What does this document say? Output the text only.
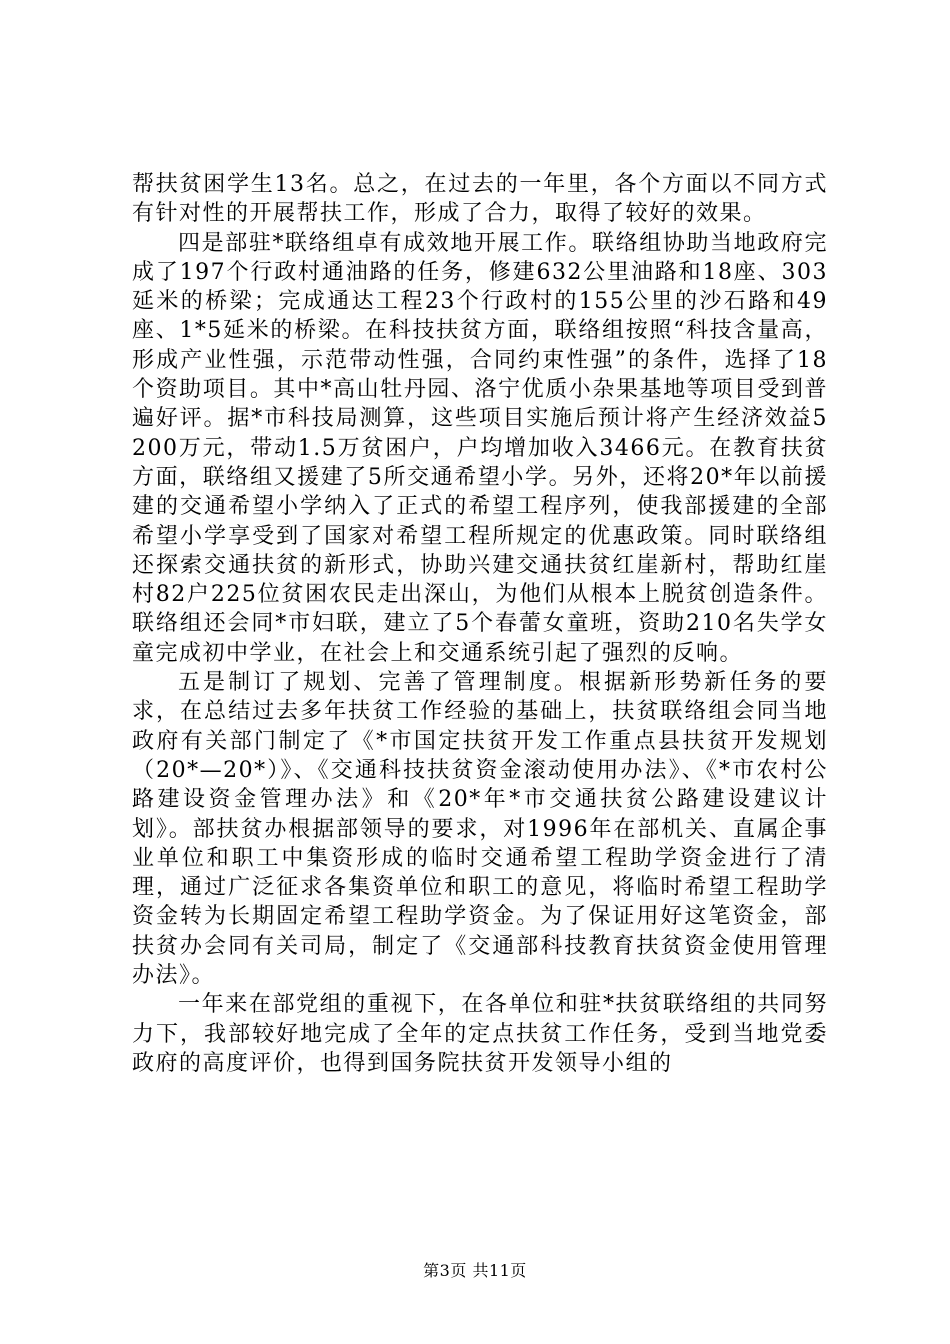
帮扶贫困学生13名。总之，在过去的一年里，各个方面以不同方式有针对性的开展帮扶工作，形成了合力，取得了较好的效果。

四是部驻*联络组卓有成效地开展工作。联络组协助当地政府完成了197个行政村通油路的任务，修建632公里油路和18座、303延米的桥梁；完成通达工程23个行政村的155公里的沙石路和49座、1*5延米的桥梁。在科技扶贫方面，联络组按照“科技含量高，形成产业性强，示范带动性强，合同约束性强”的条件，选择了18个资助项目。其中*高山牡丹园、洛宁优质小杂果基地等项目受到普遍好评。据*市科技局测算，这些项目实施后预计将产生经济效益5200万元，带动1.5万贫困户，户均增加收入3466元。在教育扶贫方面，联络组又援建了5所交通希望小学。另外，还将20*年以前援建的交通希望小学纳入了正式的希望工程序列，使我部援建的全部希望小学享受到了国家对希望工程所规定的优惠政策。同时联络组还探索交通扶贫的新形式，协助兴建交通扶贫红崖新村，帮助红崖村82户225位贫困农民走出深山，为他们从根本上脱贫创造条件。联络组还会同*市妇联，建立了5个春蕾女童班，资助210名失学女童完成初中学业，在社会上和交通系统引起了强烈的反响。

五是制订了规划、完善了管理制度。根据新形势新任务的要求，在总结过去多年扶贫工作经验的基础上，扶贫联络组会同当地政府有关部门制定了《*市国定扶贫开发工作重点县扶贫开发规划（20*—20*）》、《交通科技扶贫资金滚动使用办法》、《*市农村公路建设资金管理办法》和《20*年*市交通扶贫公路建设建议计划》。部扶贫办根据部领导的要求，对1996年在部机关、直属企事业单位和职工中集资形成的临时交通希望工程助学资金进行了清理，通过广泛征求各集资单位和职工的意见，将临时希望工程助学资金转为长期固定希望工程助学资金。为了保证用好这笔资金，部扶贫办会同有关司局，制定了《交通部科技教育扶贫资金使用管理办法》。

一年来在部党组的重视下，在各单位和驻*扶贫联络组的共同努力下，我部较好地完成了全年的定点扶贫工作任务，受到当地党委政府的高度评价，也得到国务院扶贫开发领导小组的

第3页 共11页
